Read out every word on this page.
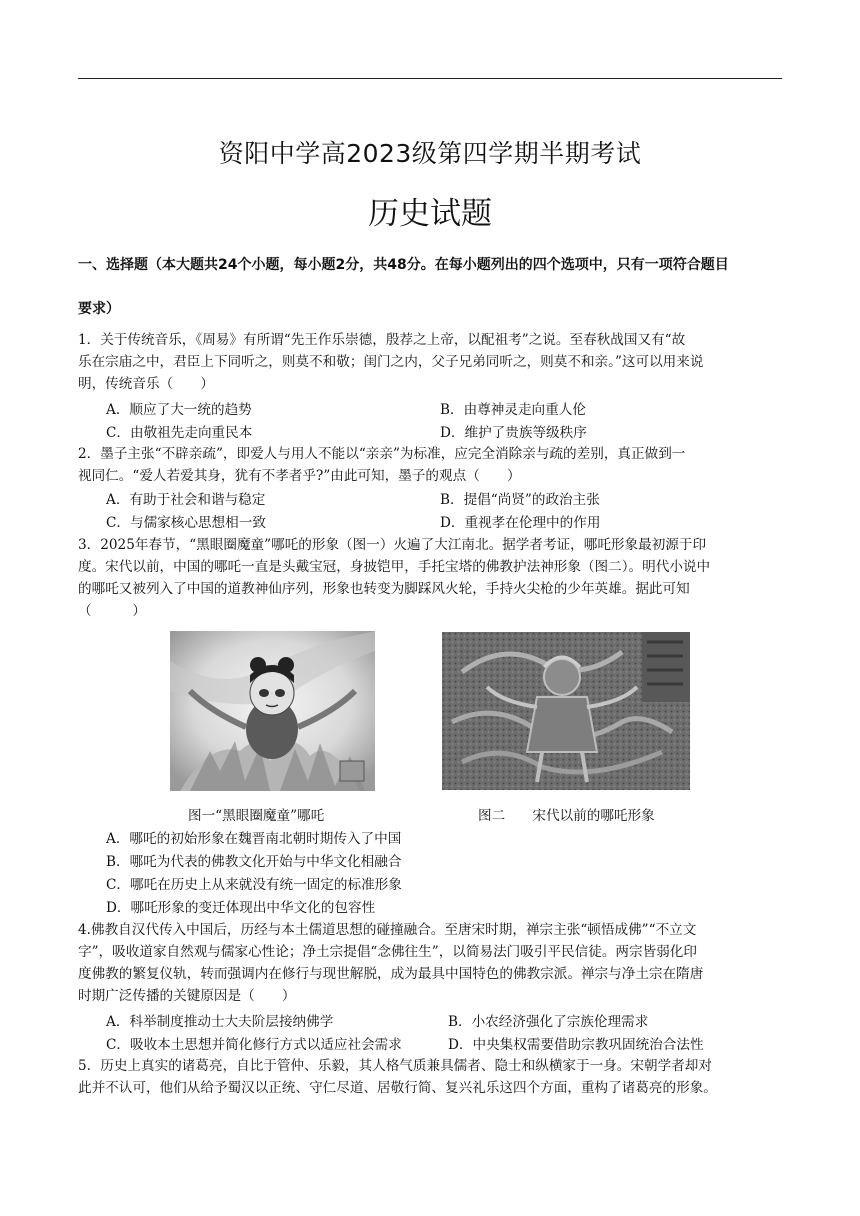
资阳中学高2023级第四学期半期考试
历史试题
一、选择题（本大题共24个小题，每小题2分，共48分。在每小题列出的四个选项中，只有一项符合题目
要求）
1．关于传统音乐，《周易》有所谓“先王作乐崇德，殷荐之上帝，以配祖考”之说。至春秋战国又有“故
乐在宗庙之中，君臣上下同听之，则莫不和敬；闺门之内，父子兄弟同听之，则莫不和亲。”这可以用来说
明，传统音乐（　　）
A．顺应了大一统的趋势	B．由尊神灵走向重人伦
C．由敬祖先走向重民本	D．维护了贵族等级秩序
2．墨子主张“不辟亲疏”，即爱人与用人不能以“亲亲”为标准，应完全消除亲与疏的差别，真正做到一
视同仁。“爱人若爱其身，犹有不孝者乎?”由此可知，墨子的观点（　　）
A．有助于社会和谐与稳定	B．提倡“尚贤”的政治主张
C．与儒家核心思想相一致	D．重视孝在伦理中的作用
3．2025年春节，“黑眼圈魔童”哪吒的形象（图一）火遍了大江南北。据学者考证，哪吒形象最初源于印
度。宋代以前，中国的哪吒一直是头戴宝冠，身披铠甲，手托宝塔的佛教护法神形象（图二）。明代小说中
的哪吒又被列入了中国的道教神仙序列，形象也转变为脚踩风火轮，手持火尖枪的少年英雄。据此可知
（　　　）
图一“黑眼圈魔童”哪吒	图二　　宋代以前的哪吒形象
A．哪吒的初始形象在魏晋南北朝时期传入了中国
B．哪吒为代表的佛教文化开始与中华文化相融合
C．哪吒在历史上从来就没有统一固定的标准形象
D．哪吒形象的变迁体现出中华文化的包容性
4.佛教自汉代传入中国后，历经与本土儒道思想的碰撞融合。至唐宋时期，禅宗主张“顿悟成佛”“不立文
字”，吸收道家自然观与儒家心性论；净土宗提倡“念佛往生”，以简易法门吸引平民信徒。两宗皆弱化印
度佛教的繁复仪轨，转而强调内在修行与现世解脱，成为最具中国特色的佛教宗派。禅宗与净土宗在隋唐
时期广泛传播的关键原因是（　　）
A．科举制度推动士大夫阶层接纳佛学	B．小农经济强化了宗族伦理需求
C．吸收本土思想并简化修行方式以适应社会需求	D．中央集权需要借助宗教巩固统治合法性
5．历史上真实的诸葛亮，自比于管仲、乐毅，其人格气质兼具儒者、隐士和纵横家于一身。宋朝学者却对
此并不认可，他们从给予蜀汉以正统、守仁尽道、居敬行简、复兴礼乐这四个方面，重构了诸葛亮的形象。
